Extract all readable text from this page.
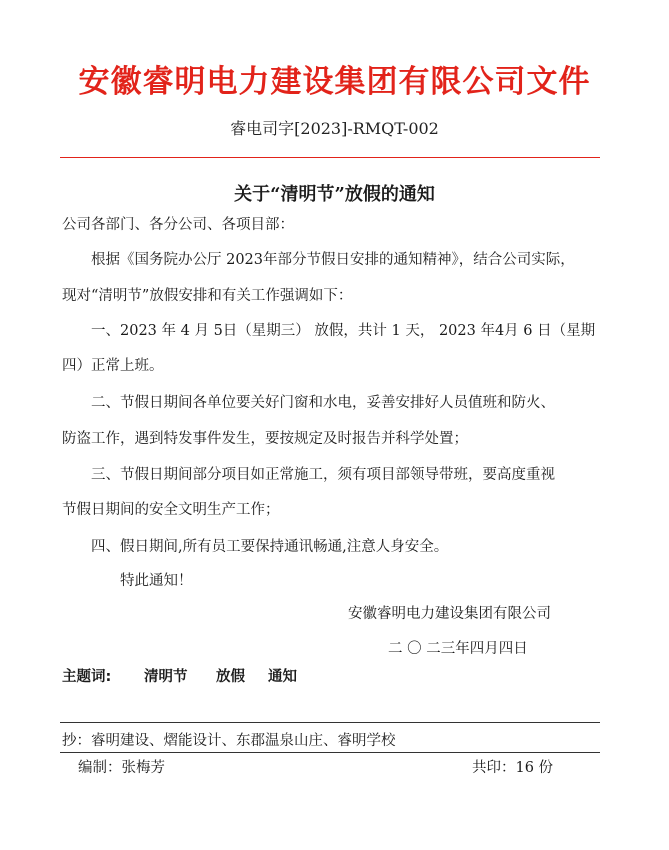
安徽睿明电力建设集团有限公司文件
睿电司字[2023]-RMQT-002
关于“清明节”放假的通知
公司各部门、各分公司、各项目部：
根据《国务院办公厅 2023年部分节假日安排的通知精神》，结合公司实际，
现对“清明节”放假安排和有关工作强调如下：
一、2023 年 4 月 5日（星期三） 放假，共计 1 天， 2023 年4月 6 日（星期
四）正常上班。
二、节假日期间各单位要关好门窗和水电，妥善安排好人员值班和防火、
防盗工作，遇到特发事件发生，要按规定及时报告并科学处置；
三、节假日期间部分项目如正常施工，须有项目部领导带班，要高度重视
节假日期间的安全文明生产工作；
四、假日期间,所有员工要保持通讯畅通,注意人身安全。
特此通知！
安徽睿明电力建设集团有限公司
二 〇 二三年四月四日
主题词: 清明节 放假 通知
抄：睿明建设、熠能设计、东郡温泉山庄、睿明学校
编制：张梅芳	共印：16 份
